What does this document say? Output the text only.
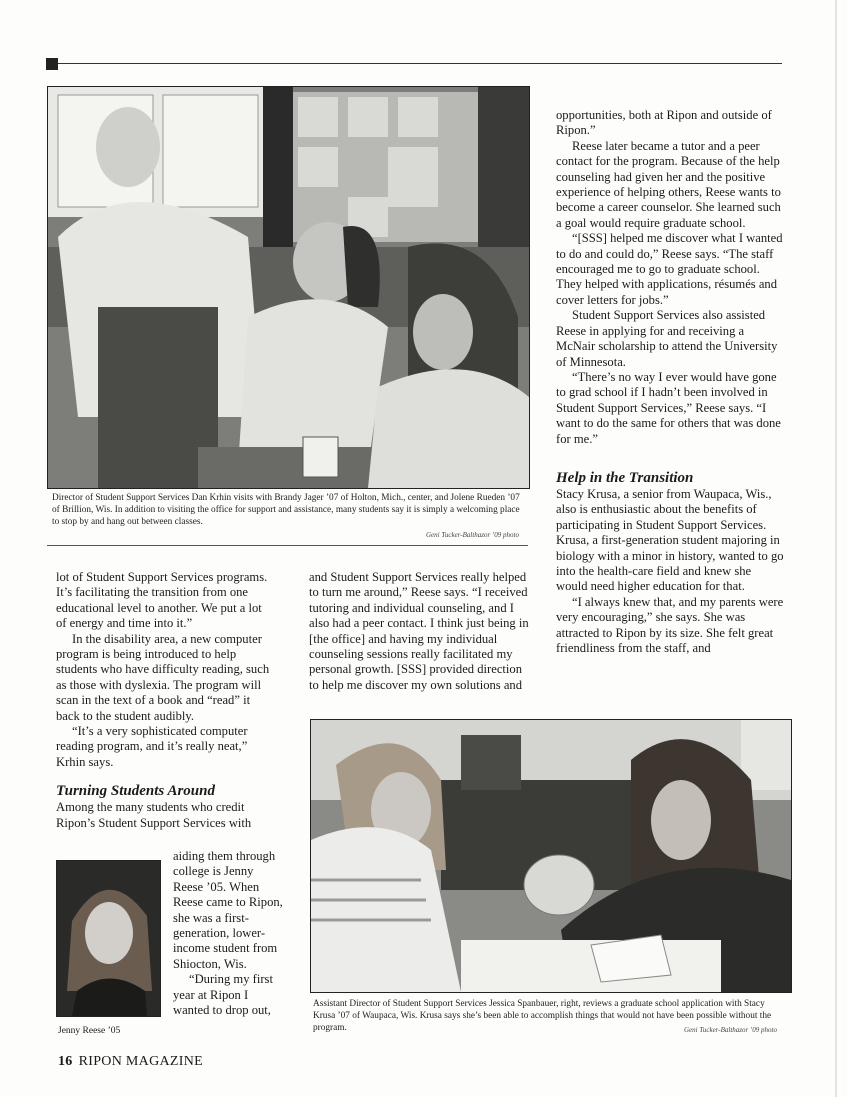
Director of Student Support Services Dan Krhin visits with Brandy Jager ’07 of Holton, Mich., center, and Jolene Rueden ’07 of Brillion, Wis. In addition to visiting the office for support and assistance, many students say it is simply a welcoming place to stop by and hang out between classes.
Geni Tucker-Balthazor ’09 photo

opportunities, both at Ripon and outside of Ripon.”

Reese later became a tutor and a peer contact for the program. Because of the help counseling had given her and the positive experience of helping others, Reese wants to become a career counselor. She learned such a goal would require graduate school.

“[SSS] helped me discover what I wanted to do and could do,” Reese says. “The staff encouraged me to go to graduate school. They helped with applications, résumés and cover letters for jobs.”

Student Support Services also assisted Reese in applying for and receiving a McNair scholarship to attend the University of Minnesota.

“There’s no way I ever would have gone to grad school if I hadn’t been involved in Student Support Services,” Reese says. “I want to do the same for others that was done for me.”

Help in the Transition

Stacy Krusa, a senior from Waupaca, Wis., also is enthusiastic about the benefits of participating in Student Support Services. Krusa, a first-generation student majoring in biology with a minor in history, wanted to go into the health-care field and knew she would need higher education for that.

“I always knew that, and my parents were very encouraging,” she says. She was attracted to Ripon by its size. She felt great friendliness from the staff, and

lot of Student Support Services programs. It’s facilitating the transition from one educational level to another. We put a lot of energy and time into it.”

In the disability area, a new computer program is being introduced to help students who have difficulty reading, such as those with dyslexia. The program will scan in the text of a book and “read” it back to the student audibly.

“It’s a very sophisticated computer reading program, and it’s really neat,” Krhin says.

Turning Students Around

Among the many students who credit Ripon’s Student Support Services with

aiding them through college is Jenny Reese ’05. When Reese came to Ripon, she was a first-generation, lower-income student from Shiocton, Wis.

“During my first year at Ripon I wanted to drop out,

Jenny Reese ’05

and Student Support Services really helped to turn me around,” Reese says. “I received tutoring and individual counseling, and I also had a peer contact. I think just being in [the office] and having my individual counseling sessions really facilitated my personal growth. [SSS] provided direction to help me discover my own solutions and

Assistant Director of Student Support Services Jessica Spanbauer, right, reviews a graduate school application with Stacy Krusa ’07 of Waupaca, Wis. Krusa says she’s been able to accomplish things that would not have been possible without the program.	Geni Tucker-Balthazor ’09 photo
16 RIPON MAGAZINE
